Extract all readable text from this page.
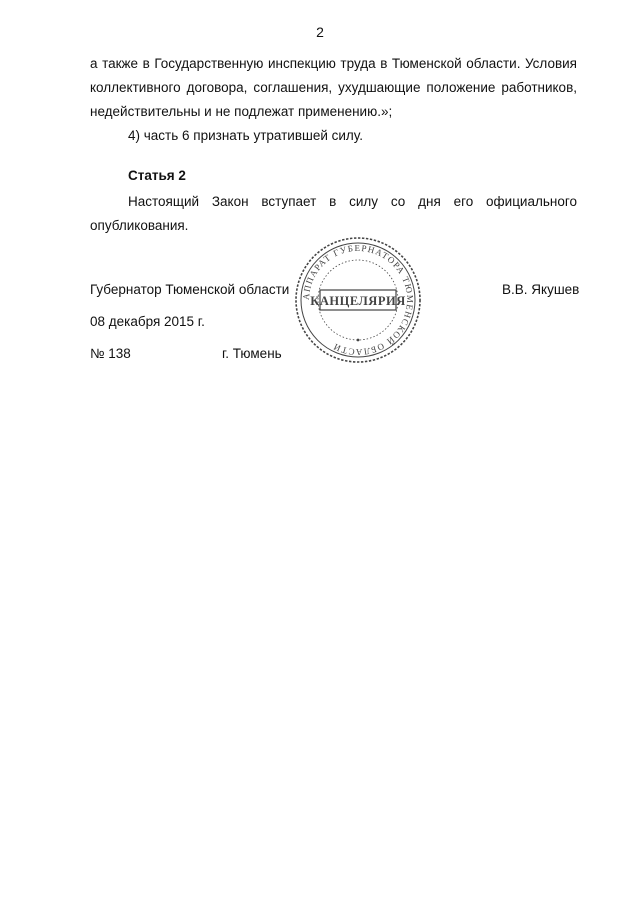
2
а также в Государственную инспекцию труда в Тюменской области. Условия
коллективного договора, соглашения, ухудшающие положение работников,
недействительны и не подлежат применению.»;
4) часть 6 признать утратившей силу.
Статья 2
Настоящий Закон вступает в силу со дня его официального
опубликования.
Губернатор Тюменской области	В.В. Якушев
08 декабря 2015 г.
№ 138	г. Тюмень
АППАРАТ ГУБЕРНАТОРА ТЮМЕНСКОЙ ОБЛАСТИ
КАНЦЕЛЯРИЯ
